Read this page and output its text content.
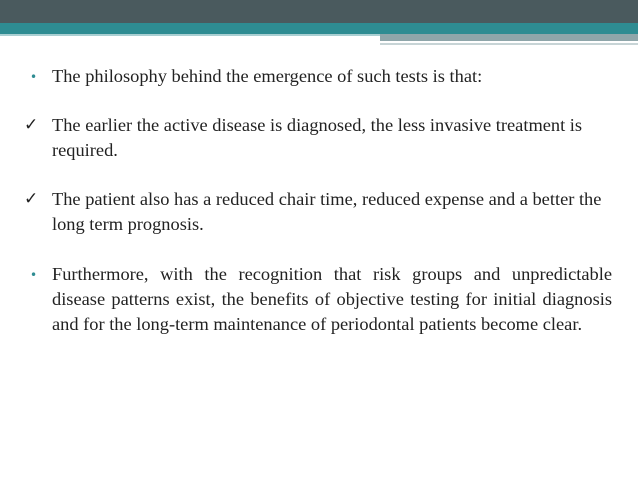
• The philosophy behind the emergence of such tests is that:

✓ The earlier the active disease is diagnosed, the less invasive treatment is required.

✓ The patient also has a reduced chair time, reduced expense and a better the long term prognosis.

• Furthermore, with the recognition that risk groups and unpredictable disease patterns exist, the benefits of objective testing for initial diagnosis and for the long-term maintenance of periodontal patients become clear.
